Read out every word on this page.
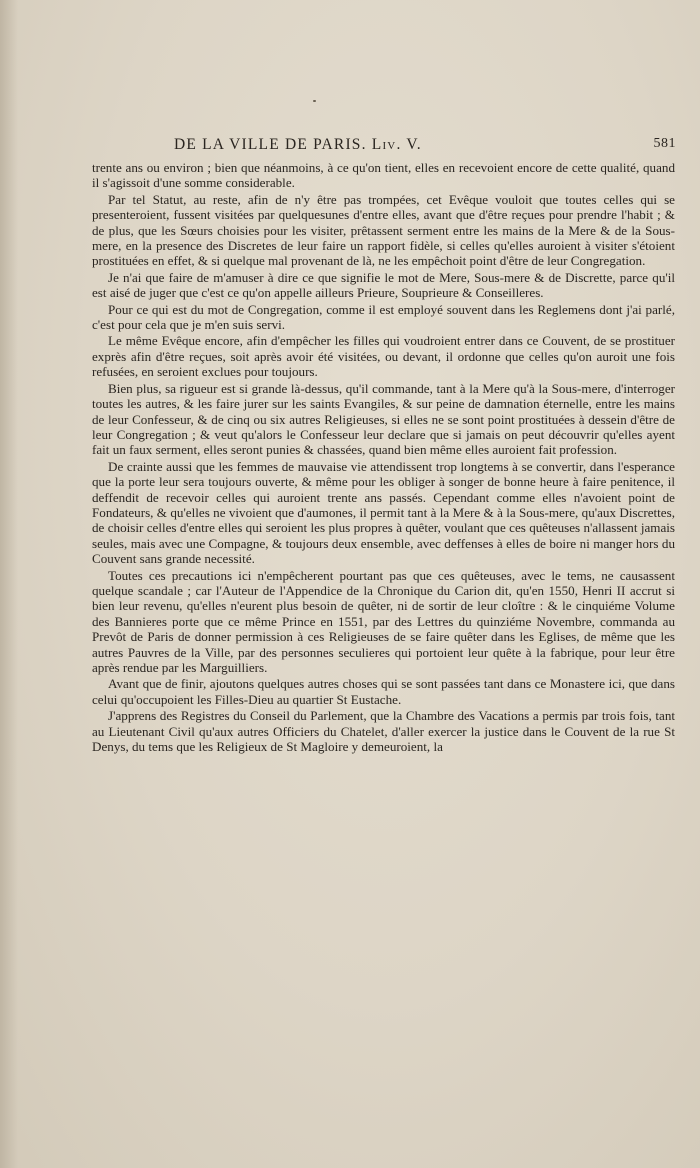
DE LA VILLE DE PARIS. Liv. V.	581

trente ans ou environ ; bien que néanmoins, à ce qu'on tient, elles en recevoient encore de cette qualité, quand il s'agissoit d'une somme considerable.

Par tel Statut, au reste, afin de n'y être pas trompées, cet Evêque vouloit que toutes celles qui se presenteroient, fussent visitées par quelquesunes d'entre elles, avant que d'être reçues pour prendre l'habit ; & de plus, que les Sœurs choisies pour les visiter, prêtassent serment entre les mains de la Mere & de la Sous-mere, en la presence des Discretes de leur faire un rapport fidèle, si celles qu'elles auroient à visiter s'étoient prostituées en effet, & si quelque mal provenant de là, ne les empêchoit point d'être de leur Congregation.

Je n'ai que faire de m'amuser à dire ce que signifie le mot de Mere, Sous-mere & de Discrette, parce qu'il est aisé de juger que c'est ce qu'on appelle ailleurs Prieure, Souprieure & Conseilleres.

Pour ce qui est du mot de Congregation, comme il est employé souvent dans les Reglemens dont j'ai parlé, c'est pour cela que je m'en suis servi.

Le même Evêque encore, afin d'empêcher les filles qui voudroient entrer dans ce Couvent, de se prostituer exprès afin d'être reçues, soit après avoir été visitées, ou devant, il ordonne que celles qu'on auroit une fois refusées, en seroient exclues pour toujours.

Bien plus, sa rigueur est si grande là-dessus, qu'il commande, tant à la Mere qu'à la Sous-mere, d'interroger toutes les autres, & les faire jurer sur les saints Evangiles, & sur peine de damnation éternelle, entre les mains de leur Confesseur, & de cinq ou six autres Religieuses, si elles ne se sont point prostituées à dessein d'être de leur Congregation ; & veut qu'alors le Confesseur leur declare que si jamais on peut découvrir qu'elles ayent fait un faux serment, elles seront punies & chassées, quand bien même elles auroient fait profession.

De crainte aussi que les femmes de mauvaise vie attendissent trop longtems à se convertir, dans l'esperance que la porte leur sera toujours ouverte, & même pour les obliger à songer de bonne heure à faire penitence, il deffendit de recevoir celles qui auroient trente ans passés. Cependant comme elles n'avoient point de Fondateurs, & qu'elles ne vivoient que d'aumones, il permit tant à la Mere & à la Sous-mere, qu'aux Discrettes, de choisir celles d'entre elles qui seroient les plus propres à quêter, voulant que ces quêteuses n'allassent jamais seules, mais avec une Compagne, & toujours deux ensemble, avec deffenses à elles de boire ni manger hors du Couvent sans grande necessité.

Toutes ces precautions ici n'empêcherent pourtant pas que ces quêteuses, avec le tems, ne causassent quelque scandale ; car l'Auteur de l'Appendice de la Chronique du Carion dit, qu'en 1550, Henri II accrut si bien leur revenu, qu'elles n'eurent plus besoin de quêter, ni de sortir de leur cloître : & le cinquiéme Volume des Bannieres porte que ce même Prince en 1551, par des Lettres du quinziéme Novembre, commanda au Prevôt de Paris de donner permission à ces Religieuses de se faire quêter dans les Eglises, de même que les autres Pauvres de la Ville, par des personnes seculieres qui portoient leur quête à la fabrique, pour leur être après rendue par les Marguilliers.

Avant que de finir, ajoutons quelques autres choses qui se sont passées tant dans ce Monastere ici, que dans celui qu'occupoient les Filles-Dieu au quartier St Eustache.

J'apprens des Registres du Conseil du Parlement, que la Chambre des Vacations a permis par trois fois, tant au Lieutenant Civil qu'aux autres Officiers du Chatelet, d'aller exercer la justice dans le Couvent de la rue St Denys, du tems que les Religieux de St Magloire y demeuroient, la
